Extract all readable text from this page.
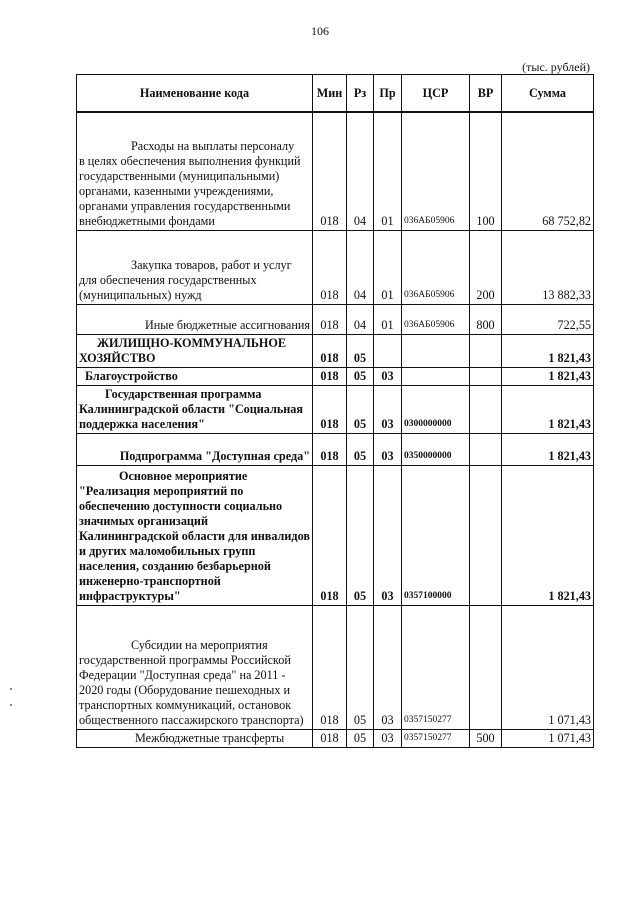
106
(тыс. рублей)
Наименование кода	Мин	Рз	Пр	ЦСР	ВР	Сумма

Расходы на выплаты персоналу
в целях обеспечения выполнения функций государственными (муниципальными) органами, казенными учреждениями, органами управления государственными внебюджетными фондами	018	04	01	036АБ05906	100	68 752,82

Закупка товаров, работ и услуг
для обеспечения государственных (муниципальных) нужд	018	04	01	036АБ05906	200	13 882,33
Иные бюджетные ассигнования	018	04	01	036АБ05906	800	722,55

ЖИЛИЩНО-КОММУНАЛЬНОЕ
ХОЗЯЙСТВО	018	05				1 821,43
Благоустройство	018	05	03			1 821,43

Государственная программа
Калининградской области "Социальная поддержка населения"	018	05	03	0300000000		1 821,43
Подпрограмма "Доступная среда"	018	05	03	0350000000		1 821,43

Основное мероприятие
"Реализация мероприятий по обеспечению доступности социально значимых организаций Калининградской области для инвалидов и других маломобильных групп населения, созданию безбарьерной инженерно-транспортной инфраструктуры"	018	05	03	0357100000		1 821,43

Субсидии на мероприятия
государственной программы Российской Федерации "Доступная среда" на 2011 - 2020 годы (Оборудование пешеходных и транспортных коммуникаций, остановок общественного пассажирского транспорта)	018	05	03	0357150277		1 071,43
Межбюджетные трансферты	018	05	03	0357150277	500	1 071,43
